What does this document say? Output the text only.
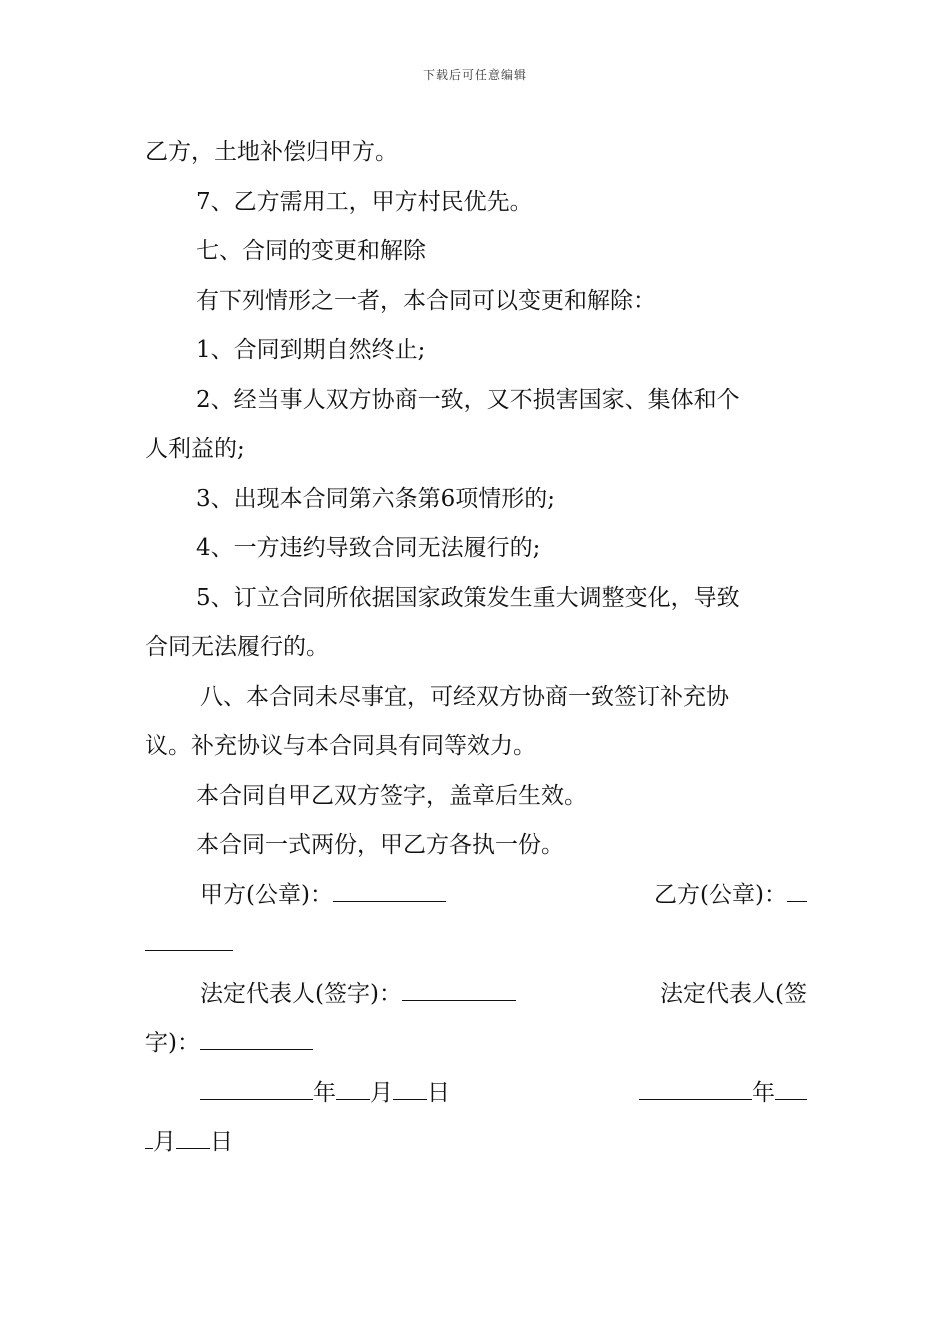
下载后可任意编辑
乙方，土地补偿归甲方。
7、乙方需用工，甲方村民优先。
七、合同的变更和解除
有下列情形之一者，本合同可以变更和解除：
1、合同到期自然终止;
2、经当事人双方协商一致，又不损害国家、集体和个
人利益的;
3、出现本合同第六条第6项情形的;
4、一方违约导致合同无法履行的;
5、订立合同所依据国家政策发生重大调整变化，导致
合同无法履行的。
八、本合同未尽事宜，可经双方协商一致签订补充协
议。补充协议与本合同具有同等效力。
本合同自甲乙双方签字，盖章后生效。
本合同一式两份，甲乙方各执一份。
甲方(公章)：	乙方(公章)：
法定代表人(签字)：	法定代表人(签
字)：
年 月 日	年
月 日
